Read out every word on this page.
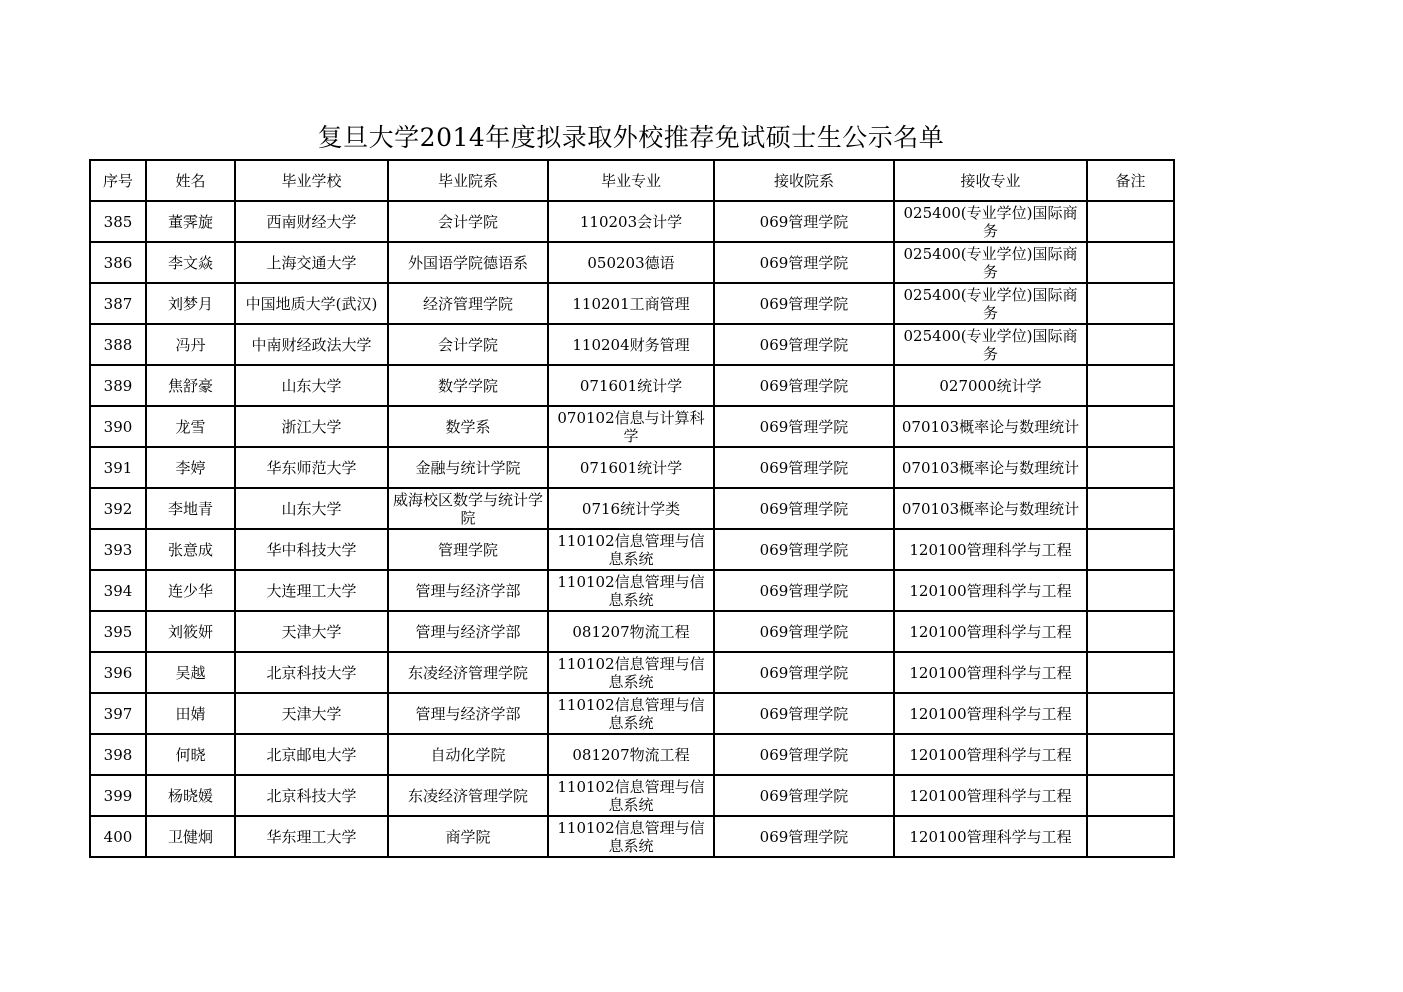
复旦大学2014年度拟录取外校推荐免试硕士生公示名单
序号	姓名	毕业学校	毕业院系	毕业专业	接收院系	接收专业	备注
385	董霁旋	西南财经大学	会计学院	110203会计学	069管理学院	025400(专业学位)国际商务	
386	李文焱	上海交通大学	外国语学院德语系	050203德语	069管理学院	025400(专业学位)国际商务	
387	刘梦月	中国地质大学(武汉)	经济管理学院	110201工商管理	069管理学院	025400(专业学位)国际商务	
388	冯丹	中南财经政法大学	会计学院	110204财务管理	069管理学院	025400(专业学位)国际商务	
389	焦舒豪	山东大学	数学学院	071601统计学	069管理学院	027000统计学	
390	龙雪	浙江大学	数学系	070102信息与计算科学	069管理学院	070103概率论与数理统计	
391	李婷	华东师范大学	金融与统计学院	071601统计学	069管理学院	070103概率论与数理统计	
392	李地青	山东大学	威海校区数学与统计学院	0716统计学类	069管理学院	070103概率论与数理统计	
393	张意成	华中科技大学	管理学院	110102信息管理与信息系统	069管理学院	120100管理科学与工程	
394	连少华	大连理工大学	管理与经济学部	110102信息管理与信息系统	069管理学院	120100管理科学与工程	
395	刘筱妍	天津大学	管理与经济学部	081207物流工程	069管理学院	120100管理科学与工程	
396	吴越	北京科技大学	东凌经济管理学院	110102信息管理与信息系统	069管理学院	120100管理科学与工程	
397	田婧	天津大学	管理与经济学部	110102信息管理与信息系统	069管理学院	120100管理科学与工程	
398	何晓	北京邮电大学	自动化学院	081207物流工程	069管理学院	120100管理科学与工程	
399	杨晓媛	北京科技大学	东凌经济管理学院	110102信息管理与信息系统	069管理学院	120100管理科学与工程	
400	卫健炯	华东理工大学	商学院	110102信息管理与信息系统	069管理学院	120100管理科学与工程	
